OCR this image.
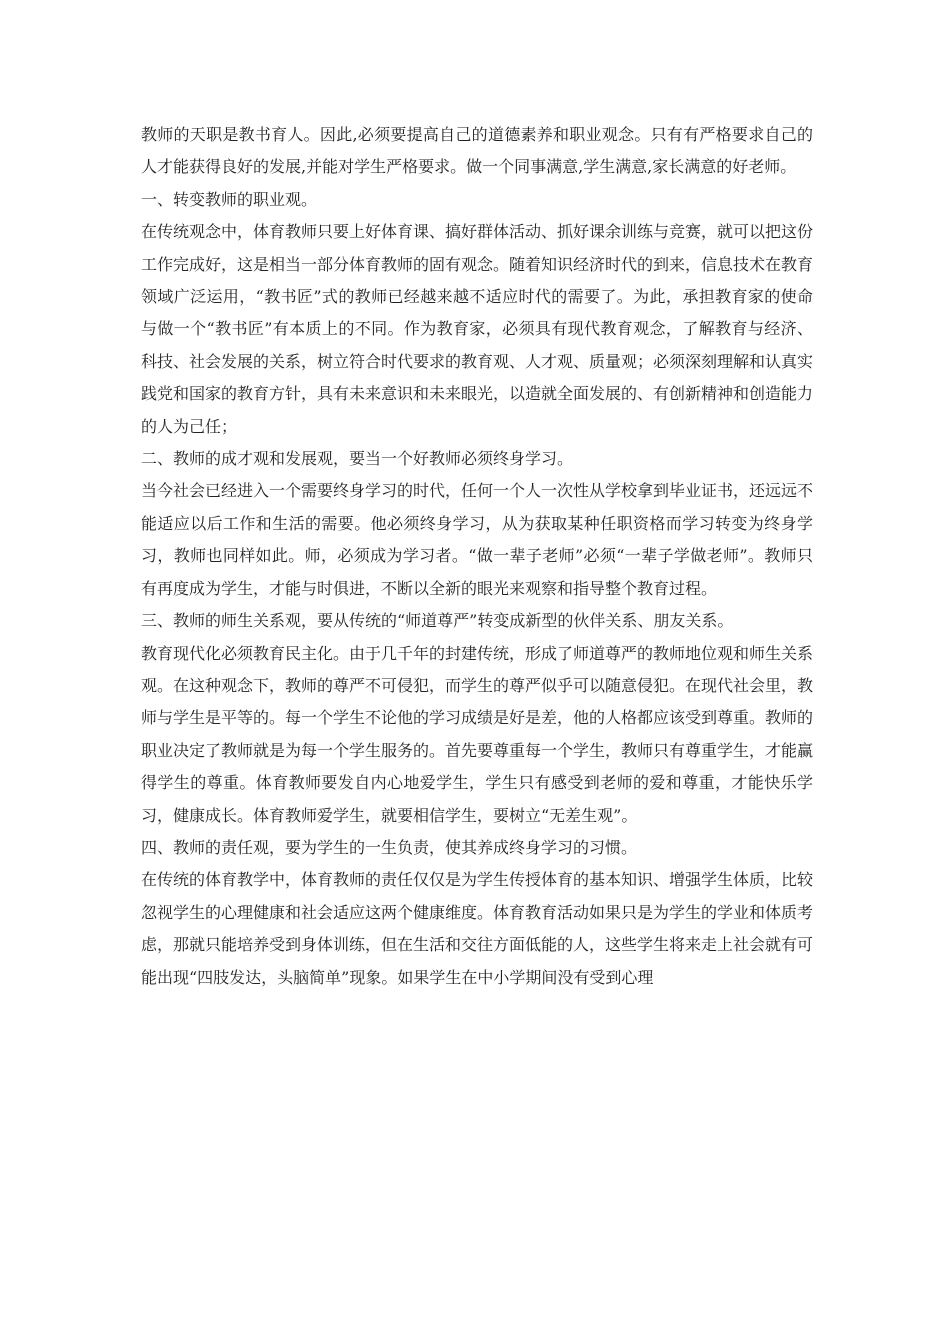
教师的天职是教书育人。因此,必须要提高自己的道德素养和职业观念。只有有严格要求自己的人才能获得良好的发展,并能对学生严格要求。做一个同事满意,学生满意,家长满意的好老师。

一、转变教师的职业观。

在传统观念中，体育教师只要上好体育课、搞好群体活动、抓好课余训练与竞赛，就可以把这份工作完成好，这是相当一部分体育教师的固有观念。随着知识经济时代的到来，信息技术在教育领域广泛运用，“教书匠”式的教师已经越来越不适应时代的需要了。为此，承担教育家的使命与做一个“教书匠”有本质上的不同。作为教育家，必须具有现代教育观念，了解教育与经济、科技、社会发展的关系，树立符合时代要求的教育观、人才观、质量观；必须深刻理解和认真实践党和国家的教育方针，具有未来意识和未来眼光，以造就全面发展的、有创新精神和创造能力的人为己任；

二、教师的成才观和发展观，要当一个好教师必须终身学习。

当今社会已经进入一个需要终身学习的时代，任何一个人一次性从学校拿到毕业证书，还远远不能适应以后工作和生活的需要。他必须终身学习，从为获取某种任职资格而学习转变为终身学习，教师也同样如此。师，必须成为学习者。“做一辈子老师”必须“一辈子学做老师”。教师只有再度成为学生，才能与时俱进，不断以全新的眼光来观察和指导整个教育过程。

三、教师的师生关系观，要从传统的“师道尊严”转变成新型的伙伴关系、朋友关系。

教育现代化必须教育民主化。由于几千年的封建传统，形成了师道尊严的教师地位观和师生关系观。在这种观念下，教师的尊严不可侵犯，而学生的尊严似乎可以随意侵犯。在现代社会里，教师与学生是平等的。每一个学生不论他的学习成绩是好是差，他的人格都应该受到尊重。教师的职业决定了教师就是为每一个学生服务的。首先要尊重每一个学生，教师只有尊重学生，才能赢得学生的尊重。体育教师要发自内心地爱学生，学生只有感受到老师的爱和尊重，才能快乐学习，健康成长。体育教师爱学生，就要相信学生，要树立“无差生观”。

四、教师的责任观，要为学生的一生负责，使其养成终身学习的习惯。

在传统的体育教学中，体育教师的责任仅仅是为学生传授体育的基本知识、增强学生体质，比较忽视学生的心理健康和社会适应这两个健康维度。体育教育活动如果只是为学生的学业和体质考虑，那就只能培养受到身体训练，但在生活和交往方面低能的人，这些学生将来走上社会就有可能出现“四肢发达，头脑简单”现象。如果学生在中小学期间没有受到心理
